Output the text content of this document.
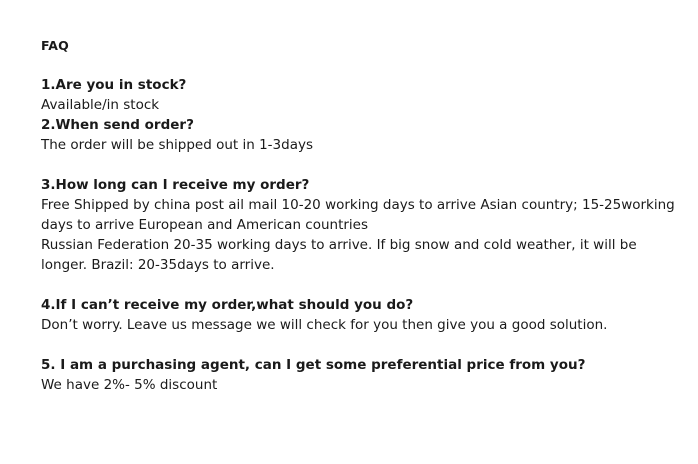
FAQ
1.Are you in stock?
Available/in stock
2.When send order?
The order will be shipped out in 1-3days
3.How long can I receive my order?
Free Shipped by china post ail mail 10-20 working days to arrive Asian country; 15-25working days to arrive European and American countries
Russian Federation 20-35 working days to arrive. If big snow and cold weather, it will be longer. Brazil: 20-35days to arrive.
4.If I can’t receive my order,what should you do?
Don’t worry. Leave us message we will check for you then give you a good solution.
5. I am a purchasing agent, can I get some preferential price from you?
We have 2%- 5% discount
